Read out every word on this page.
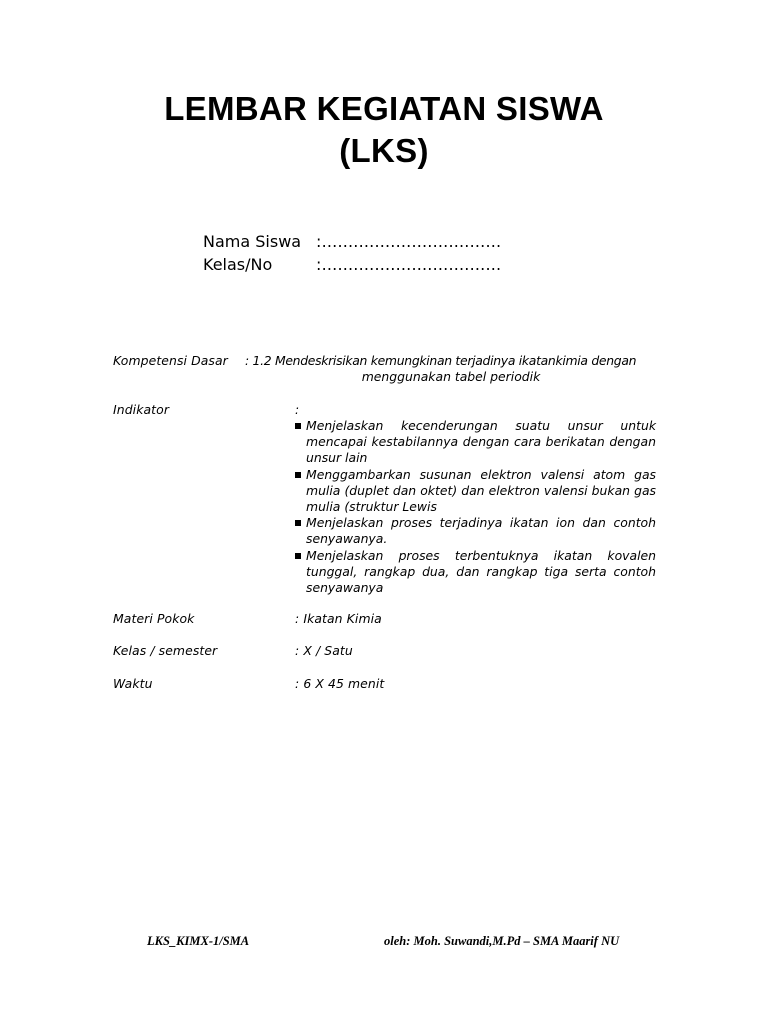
LEMBAR KEGIATAN SISWA
(LKS)
Nama Siswa :..................................
Kelas/No	:..................................
Kompetensi Dasar : 1.2 Mendeskrisikan kemungkinan terjadinya ikatankimia dengan
menggunakan tabel periodik
Indikator	:
Menjelaskan kecenderungan suatu unsur untuk mencapai kestabilannya dengan cara berikatan dengan unsur lain
Menggambarkan susunan elektron valensi atom gas mulia (duplet dan oktet) dan elektron valensi bukan gas mulia (struktur Lewis
Menjelaskan proses terjadinya ikatan ion dan contoh senyawanya.
Menjelaskan proses terbentuknya ikatan kovalen tunggal, rangkap dua, dan rangkap tiga serta contoh senyawanya
Materi Pokok	: Ikatan Kimia
Kelas / semester	: X / Satu
Waktu	: 6 X 45 menit
LKS_KIMX-1/SMA	oleh: Moh. Suwandi,M.Pd – SMA Maarif NU
